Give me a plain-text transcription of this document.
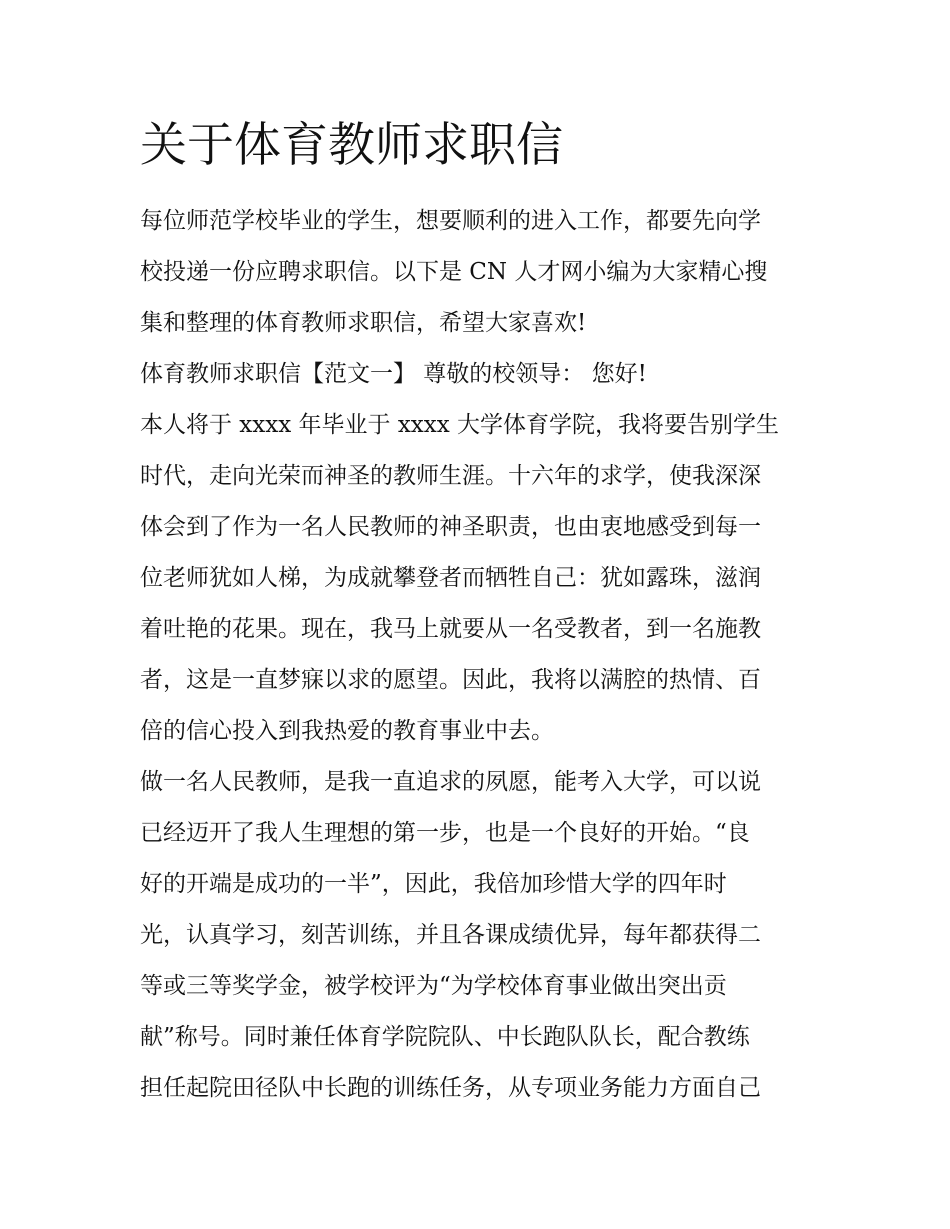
关于体育教师求职信

每位师范学校毕业的学生，想要顺利的进入工作，都要先向学

校投递一份应聘求职信。以下是 CN 人才网小编为大家精心搜

集和整理的体育教师求职信，希望大家喜欢!

体育教师求职信【范文一】 尊敬的校领导： 您好!

本人将于 xxxx 年毕业于 xxxx 大学体育学院，我将要告别学生

时代，走向光荣而神圣的教师生涯。十六年的求学，使我深深

体会到了作为一名人民教师的神圣职责，也由衷地感受到每一

位老师犹如人梯，为成就攀登者而牺牲自己：犹如露珠，滋润

着吐艳的花果。现在，我马上就要从一名受教者，到一名施教

者，这是一直梦寐以求的愿望。因此，我将以满腔的热情、百

倍的信心投入到我热爱的教育事业中去。

做一名人民教师，是我一直追求的夙愿，能考入大学，可以说

已经迈开了我人生理想的第一步，也是一个良好的开始。“良

好的开端是成功的一半”，因此，我倍加珍惜大学的四年时

光，认真学习，刻苦训练，并且各课成绩优异，每年都获得二

等或三等奖学金，被学校评为“为学校体育事业做出突出贡

献”称号。同时兼任体育学院院队、中长跑队队长，配合教练

担任起院田径队中长跑的训练任务，从专项业务能力方面自己
